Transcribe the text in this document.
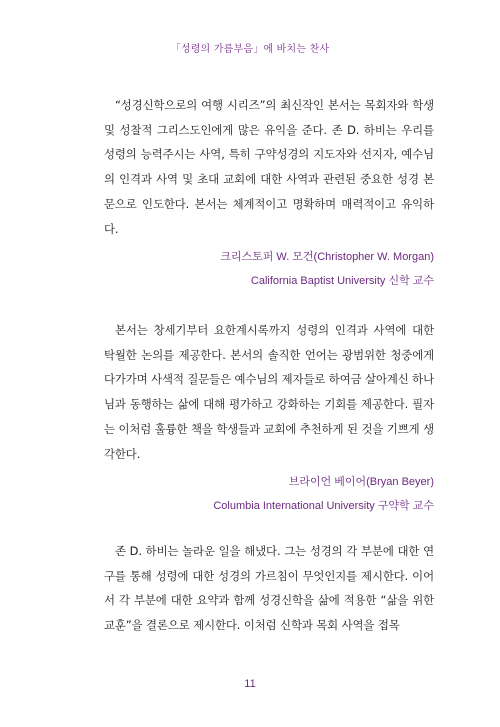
「성령의 가름부음」에 바치는 찬사

“성경신학으로의 여행 시리즈”의 최신작인 본서는 목회자와 학생 및 성찰적 그리스도인에게 많은 유익을 준다. 존 D. 하비는 우리를 성령의 능력주시는 사역, 특히 구약성경의 지도자와 선지자, 예수님의 인격과 사역 및 초대 교회에 대한 사역과 관련된 중요한 성경 본문으로 인도한다. 본서는 체계적이고 명확하며 매력적이고 유익하다.

크리스토퍼 W. 모건(Christopher W. Morgan)
California Baptist University 신학 교수

본서는 창세기부터 요한계시록까지 성령의 인격과 사역에 대한 탁월한 논의를 제공한다. 본서의 솔직한 언어는 광범위한 청중에게 다가가며 사색적 질문들은 예수님의 제자들로 하여금 살아계신 하나님과 동행하는 삶에 대해 평가하고 강화하는 기회를 제공한다. 필자는 이처럼 훌륭한 책을 학생들과 교회에 추천하게 된 것을 기쁘게 생각한다.

브라이언 베이어(Bryan Beyer)
Columbia International University 구약학 교수

존 D. 하비는 놀라운 일을 해냈다. 그는 성경의 각 부분에 대한 연구를 통해 성령에 대한 성경의 가르침이 무엇인지를 제시한다. 이어서 각 부분에 대한 요약과 함께 성경신학을 삶에 적용한 “삶을 위한 교훈”을 결론으로 제시한다. 이처럼 신학과 목회 사역을 접목

11
